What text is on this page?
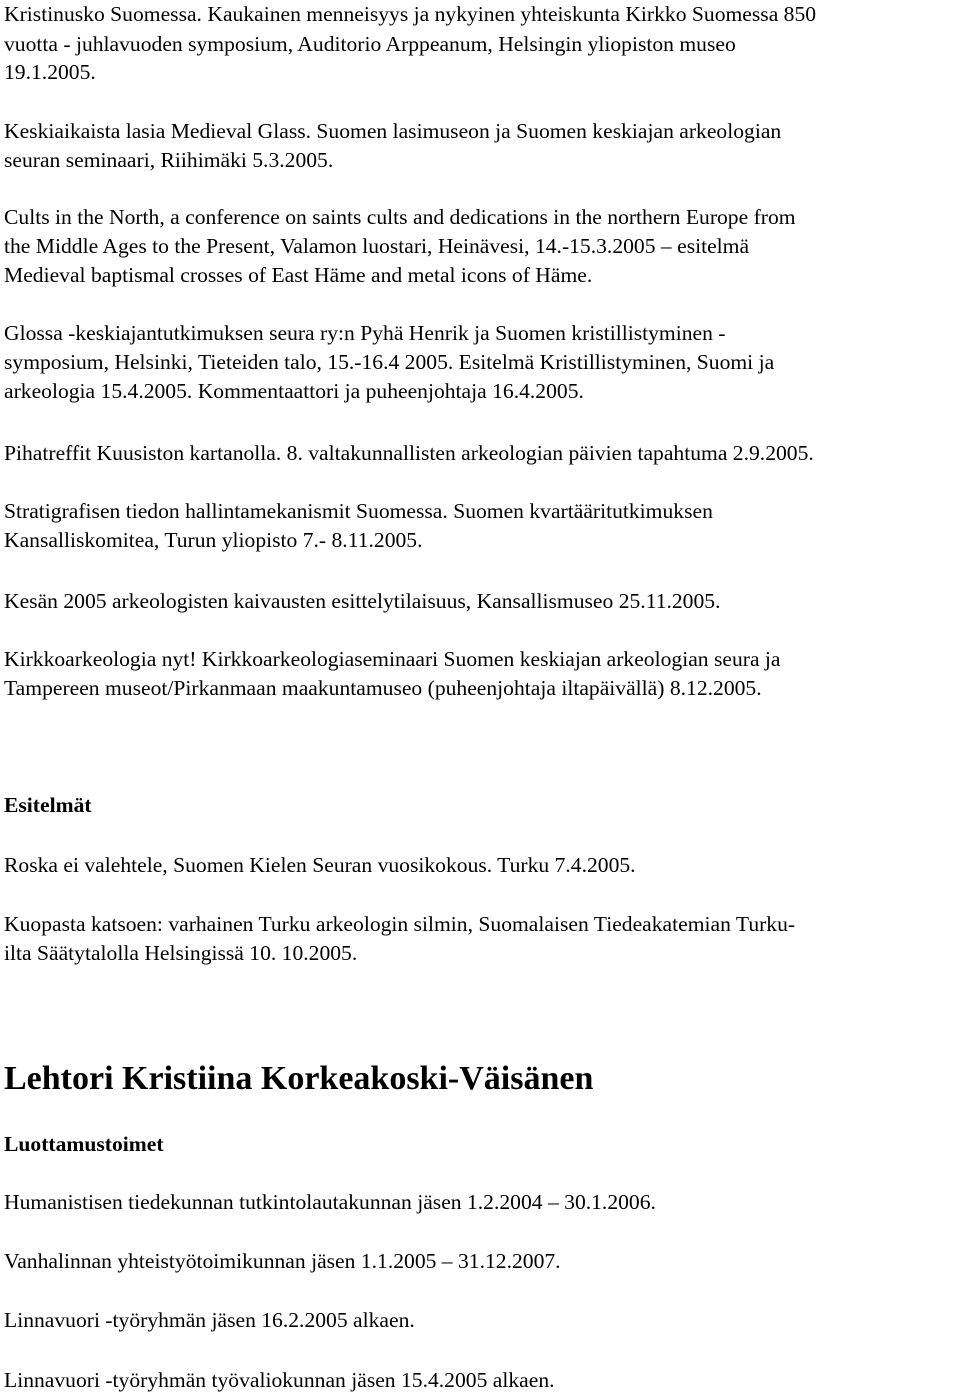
Kristinusko Suomessa. Kaukainen menneisyys ja nykyinen yhteiskunta Kirkko Suomessa 850
vuotta - juhlavuoden symposium, Auditorio Arppeanum, Helsingin yliopiston museo
19.1.2005.
Keskiaikaista lasia Medieval Glass. Suomen lasimuseon ja Suomen keskiajan arkeologian
seuran seminaari, Riihimäki 5.3.2005.
Cults in the North, a conference on saints cults and dedications in the northern Europe from
the Middle Ages to the Present, Valamon luostari, Heinävesi, 14.-15.3.2005 – esitelmä
Medieval baptismal crosses of East Häme and metal icons of Häme.
Glossa -keskiajantutkimuksen seura ry:n Pyhä Henrik ja Suomen kristillistyminen -
symposium, Helsinki, Tieteiden talo, 15.-16.4 2005. Esitelmä Kristillistyminen, Suomi ja
arkeologia 15.4.2005. Kommentaattori ja puheenjohtaja 16.4.2005.
Pihatreffit Kuusiston kartanolla. 8. valtakunnallisten arkeologian päivien tapahtuma 2.9.2005.
Stratigrafisen tiedon hallintamekanismit Suomessa. Suomen kvartääritutkimuksen
Kansalliskomitea, Turun yliopisto 7.- 8.11.2005.
Kesän 2005 arkeologisten kaivausten esittelytilaisuus, Kansallismuseo 25.11.2005.
Kirkkoarkeologia nyt! Kirkkoarkeologiaseminaari Suomen keskiajan arkeologian seura ja
Tampereen museot/Pirkanmaan maakuntamuseo (puheenjohtaja iltapäivällä) 8.12.2005.
Esitelmät
Roska ei valehtele, Suomen Kielen Seuran vuosikokous. Turku 7.4.2005.
Kuopasta katsoen: varhainen Turku arkeologin silmin, Suomalaisen Tiedeakatemian Turku-
ilta Säätytalolla Helsingissä 10. 10.2005.
Lehtori Kristiina Korkeakoski-Väisänen
Luottamustoimet
Humanistisen tiedekunnan tutkintolautakunnan jäsen 1.2.2004 – 30.1.2006.
Vanhalinnan yhteistyötoimikunnan jäsen 1.1.2005 – 31.12.2007.
Linnavuori -työryhmän jäsen 16.2.2005 alkaen.
Linnavuori -työryhmän työvaliokunnan jäsen 15.4.2005 alkaen.
